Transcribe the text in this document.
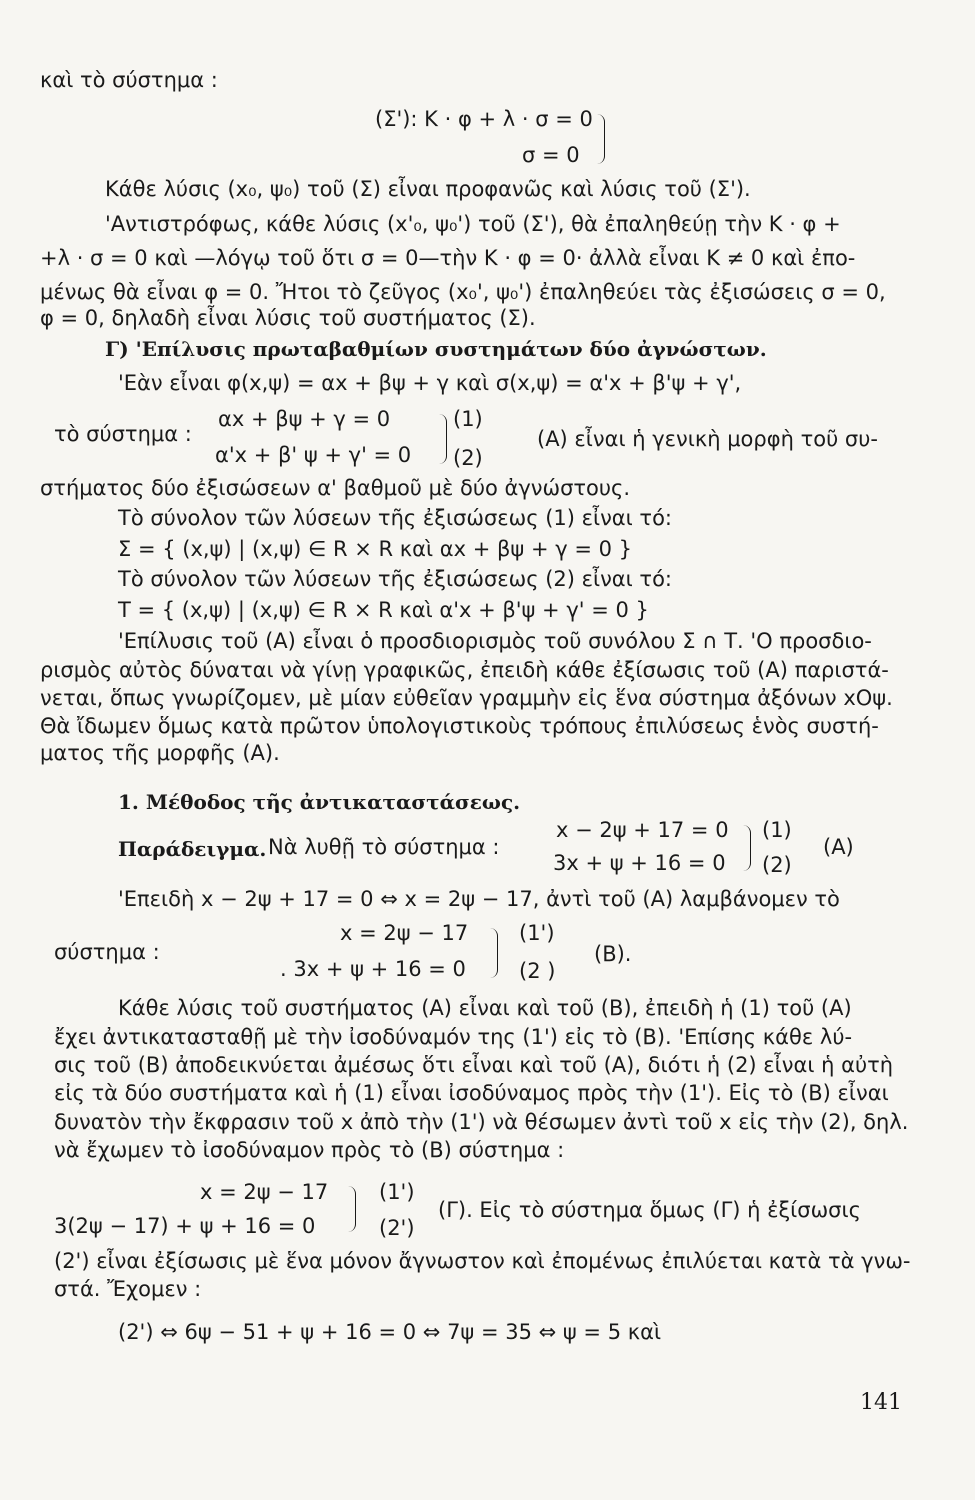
καὶ τὸ σύστημα :
(Σ'): Κ · φ + λ · σ = 0
σ = 0
Κάθε λύσις (x₀, ψ₀) τοῦ (Σ) εἶναι προφανῶς καὶ λύσις τοῦ (Σ').
'Αντιστρόφως, κάθε λύσις (x'₀, ψ₀') τοῦ (Σ'), θὰ ἐπαληθεύῃ τὴν Κ · φ +
+λ · σ = 0 καὶ —λόγῳ τοῦ ὅτι σ = 0—τὴν Κ · φ = 0· ἀλλὰ εἶναι Κ ≠ 0 καὶ ἐπο-
μένως θὰ εἶναι φ = 0. Ἤτοι τὸ ζεῦγος (x₀', ψ₀') ἐπαληθεύει τὰς ἐξισώσεις σ = 0,
φ = 0, δηλαδὴ εἶναι λύσις τοῦ συστήματος (Σ).
Γ) 'Επίλυσις πρωταβαθμίων συστημάτων δύο ἀγνώστων.
'Εὰν εἶναι φ(x,ψ) = αx + βψ + γ καὶ σ(x,ψ) = α'x + β'ψ + γ',
τὸ σύστημα :
αx + βψ + γ = 0
α'x + β' ψ + γ' = 0
(1)
(2)
(Α) εἶναι ἡ γενικὴ μορφὴ τοῦ συ-
στήματος δύο ἐξισώσεων α' βαθμοῦ μὲ δύο ἀγνώστους.
Τὸ σύνολον τῶν λύσεων τῆς ἐξισώσεως (1) εἶναι τό:
Σ = { (x,ψ) | (x,ψ) ∈ R × R καὶ αx + βψ + γ = 0 }
Τὸ σύνολον τῶν λύσεων τῆς ἐξισώσεως (2) εἶναι τό:
Τ = { (x,ψ) | (x,ψ) ∈ R × R καὶ α'x + β'ψ + γ' = 0 }
'Επίλυσις τοῦ (Α) εἶναι ὁ προσδιορισμὸς τοῦ συνόλου Σ ∩ Τ. 'Ο προσδιο-
ρισμὸς αὐτὸς δύναται νὰ γίνῃ γραφικῶς, ἐπειδὴ κάθε ἐξίσωσις τοῦ (Α) παριστά-
νεται, ὅπως γνωρίζομεν, μὲ μίαν εὐθεῖαν γραμμὴν εἰς ἕνα σύστημα ἀξόνων xΟψ.
Θὰ ἴδωμεν ὅμως κατὰ πρῶτον ὑπολογιστικοὺς τρόπους ἐπιλύσεως ἑνὸς συστή-
ματος τῆς μορφῆς (Α).
1. Μέθοδος τῆς ἀντικαταστάσεως.
Παράδειγμα. Νὰ λυθῇ τὸ σύστημα :
x − 2ψ + 17 = 0
3x + ψ + 16 = 0
(1)
(2)
(Α)
'Επειδὴ x − 2ψ + 17 = 0 ⇔ x = 2ψ − 17, ἀντὶ τοῦ (Α) λαμβάνομεν τὸ
σύστημα :
x = 2ψ − 17
. 3x + ψ + 16 = 0
(1')
(2 )
(Β).
Κάθε λύσις τοῦ συστήματος (Α) εἶναι καὶ τοῦ (Β), ἐπειδὴ ἡ (1) τοῦ (Α)
ἔχει ἀντικατασταθῇ μὲ τὴν ἰσοδύναμόν της (1') εἰς τὸ (Β). 'Επίσης κάθε λύ-
σις τοῦ (Β) ἀποδεικνύεται ἀμέσως ὅτι εἶναι καὶ τοῦ (Α), διότι ἡ (2) εἶναι ἡ αὐτὴ
εἰς τὰ δύο συστήματα καὶ ἡ (1) εἶναι ἰσοδύναμος πρὸς τὴν (1'). Εἰς τὸ (Β) εἶναι
δυνατὸν τὴν ἔκφρασιν τοῦ x ἀπὸ τὴν (1') νὰ θέσωμεν ἀντὶ τοῦ x εἰς τὴν (2), δηλ.
νὰ ἔχωμεν τὸ ἰσοδύναμον πρὸς τὸ (Β) σύστημα :
x = 2ψ − 17
3(2ψ − 17) + ψ + 16 = 0
(1')
(2')
(Γ). Εἰς τὸ σύστημα ὅμως (Γ) ἡ ἐξίσωσις
(2') εἶναι ἐξίσωσις μὲ ἕνα μόνον ἄγνωστον καὶ ἐπομένως ἐπιλύεται κατὰ τὰ γνω-
στά. Ἔχομεν :
(2') ⇔ 6ψ − 51 + ψ + 16 = 0 ⇔ 7ψ = 35 ⇔ ψ = 5 καὶ
141
